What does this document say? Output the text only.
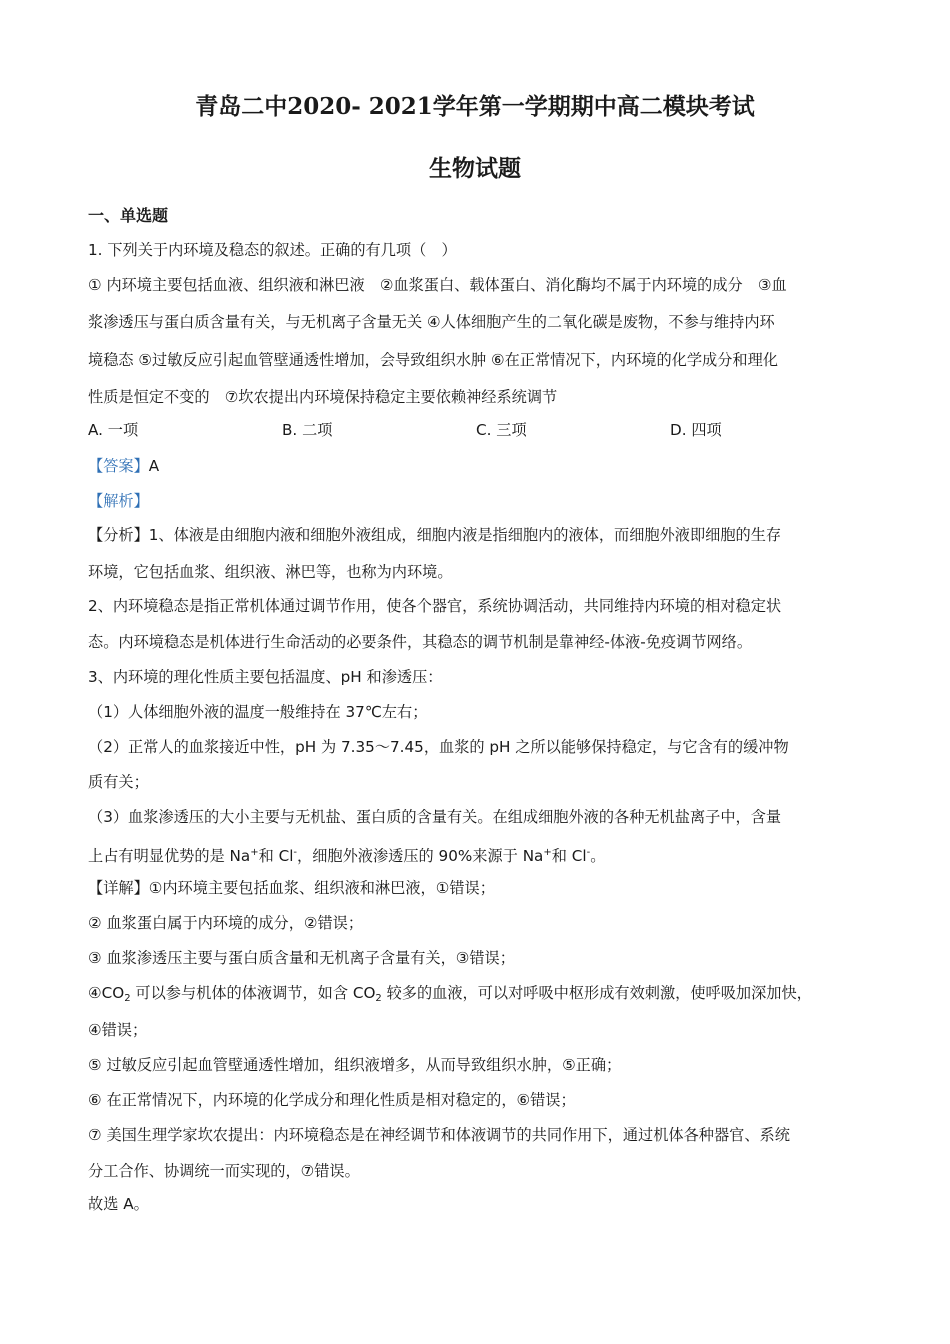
青岛二中2020- 2021学年第一学期期中高二模块考试
生物试题
一、单选题
1. 下列关于内环境及稳态的叙述。正确的有几项（　）
① 内环境主要包括血液、组织液和淋巴液　②血浆蛋白、载体蛋白、消化酶均不属于内环境的成分　③血
浆渗透压与蛋白质含量有关，与无机离子含量无关 ④人体细胞产生的二氧化碳是废物，不参与维持内环
境稳态 ⑤过敏反应引起血管壁通透性增加，会导致组织水肿 ⑥在正常情况下，内环境的化学成分和理化
性质是恒定不变的　⑦坎农提出内环境保持稳定主要依赖神经系统调节
A. 一项	B. 二项	C. 三项	D. 四项
【答案】A
【解析】
【分析】1、体液是由细胞内液和细胞外液组成，细胞内液是指细胞内的液体，而细胞外液即细胞的生存
环境，它包括血浆、组织液、淋巴等，也称为内环境。
2、内环境稳态是指正常机体通过调节作用，使各个器官，系统协调活动，共同维持内环境的相对稳定状
态。内环境稳态是机体进行生命活动的必要条件，其稳态的调节机制是靠神经-体液-免疫调节网络。
3、内环境的理化性质主要包括温度、pH 和渗透压：
（1）人体细胞外液的温度一般维持在 37℃左右；
（2）正常人的血浆接近中性，pH 为 7.35～7.45，血浆的 pH 之所以能够保持稳定，与它含有的缓冲物
质有关；
（3）血浆渗透压的大小主要与无机盐、蛋白质的含量有关。在组成细胞外液的各种无机盐离子中，含量
上占有明显优势的是 Na+和 Cl-，细胞外液渗透压的 90%来源于 Na+和 Cl-。
【详解】①内环境主要包括血浆、组织液和淋巴液，①错误；
② 血浆蛋白属于内环境的成分，②错误；
③ 血浆渗透压主要与蛋白质含量和无机离子含量有关，③错误；
$④CO_2$ 可以参与机体的体液调节，如含 $CO_2$ 较多的血液，可以对呼吸中枢形成有效刺激，使呼吸加深加快，
④错误；
⑤ 过敏反应引起血管壁通透性增加，组织液增多，从而导致组织水肿，⑤正确；
⑥ 在正常情况下，内环境的化学成分和理化性质是相对稳定的，⑥错误；
⑦ 美国生理学家坎农提出：内环境稳态是在神经调节和体液调节的共同作用下，通过机体各种器官、系统
分工合作、协调统一而实现的，⑦错误。
故选 A。
